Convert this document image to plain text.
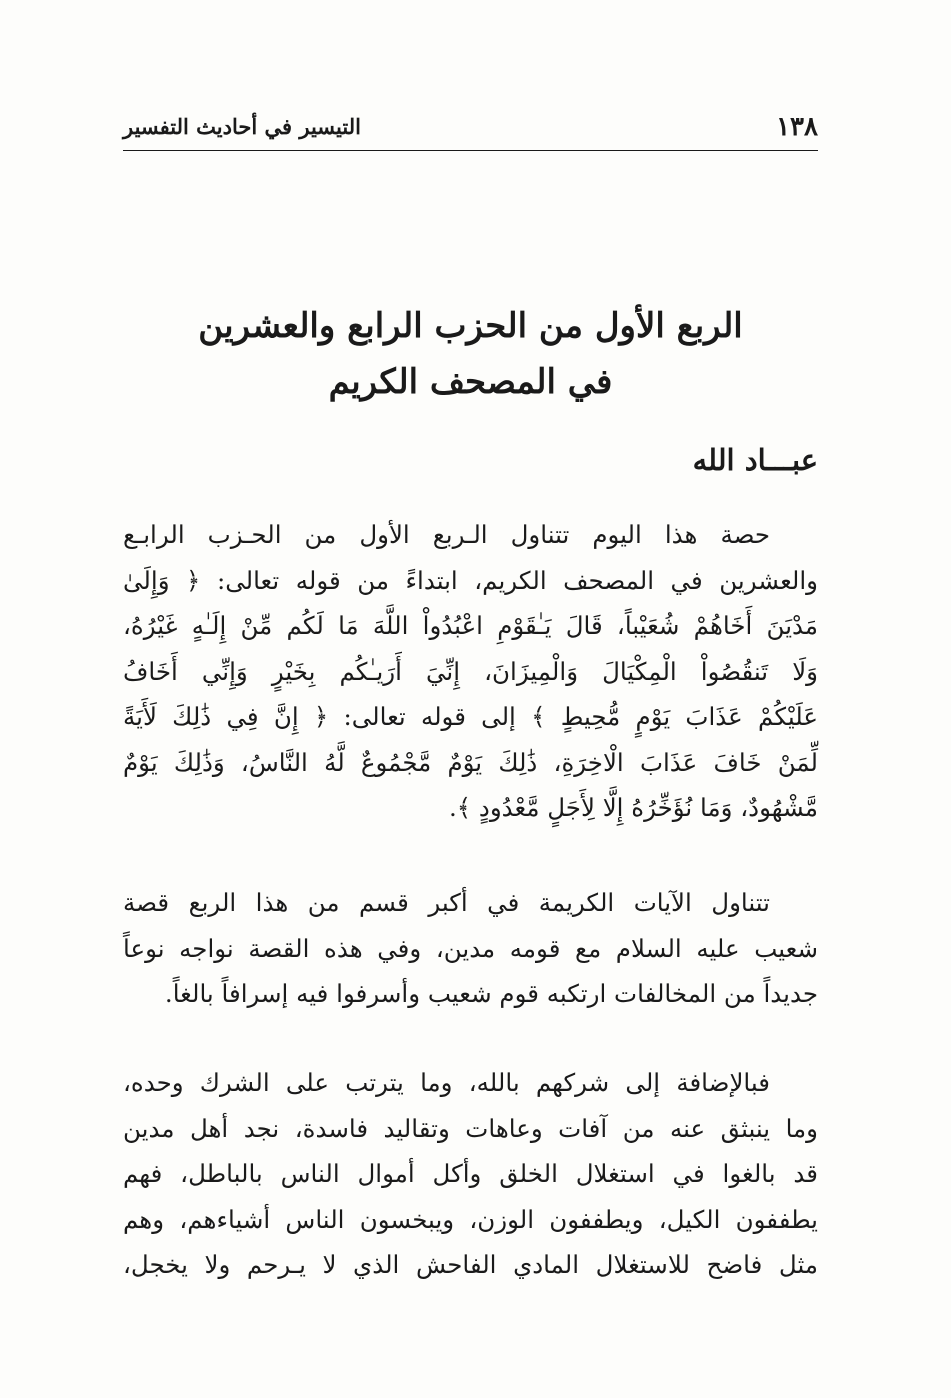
التيسير في أحاديث التفسير	١٣٨
الربع الأول من الحزب الرابع والعشرين
في المصحف الكريم
عبـــاد الله
حصة هذا اليوم تتناول الـربع الأول من الحـزب الرابـع
والعشرين في المصحف الكريم، ابتداءً من قوله تعالى: ﴿ وَإِلَىٰ
مَدْيَنَ أَخَاهُمْ شُعَيْباً، قَالَ يَـٰقَوْمِ اعْبُدُواْ اللَّهَ مَا لَكُم مِّنْ إِلَـٰهٍ غَيْرُهُ،
وَلَا تَنقُصُواْ الْمِكْيَالَ وَالْمِيزَانَ، إِنِّيَ أَرَيـٰكُم بِخَيْرٍ وَإِنِّي أَخَافُ
عَلَيْكُمْ عَذَابَ يَوْمٍ مُّحِيطٍ ﴾ إلى قوله تعالى: ﴿ إِنَّ فِي ذَٰلِكَ لَأَيَةً
لِّمَنْ خَافَ عَذَابَ الْاخِرَةِ، ذَٰلِكَ يَوْمٌ مَّجْمُوعٌ لَّهُ النَّاسُ، وَذَٰلِكَ يَوْمٌ
مَّشْهُودٌ، وَمَا نُؤَخِّرُهُ إِلَّا لِأَجَلٍ مَّعْدُودٍ ﴾.
تتناول الآيات الكريمة في أكبر قسم من هذا الربع قصة
شعيب عليه السلام مع قومه مدين، وفي هذه القصة نواجه نوعاً
جديداً من المخالفات ارتكبه قوم شعيب وأسرفوا فيه إسرافاً بالغاً.
فبالإضافة إلى شركهم بالله، وما يترتب على الشرك وحده،
وما ينبثق عنه من آفات وعاهات وتقاليد فاسدة، نجد أهل مدين
قد بالغوا في استغلال الخلق وأكل أموال الناس بالباطل، فهم
يطففون الكيل، ويطففون الوزن، ويبخسون الناس أشياءهم، وهم
مثل فاضح للاستغلال المادي الفاحش الذي لا يـرحم ولا يخجل،
